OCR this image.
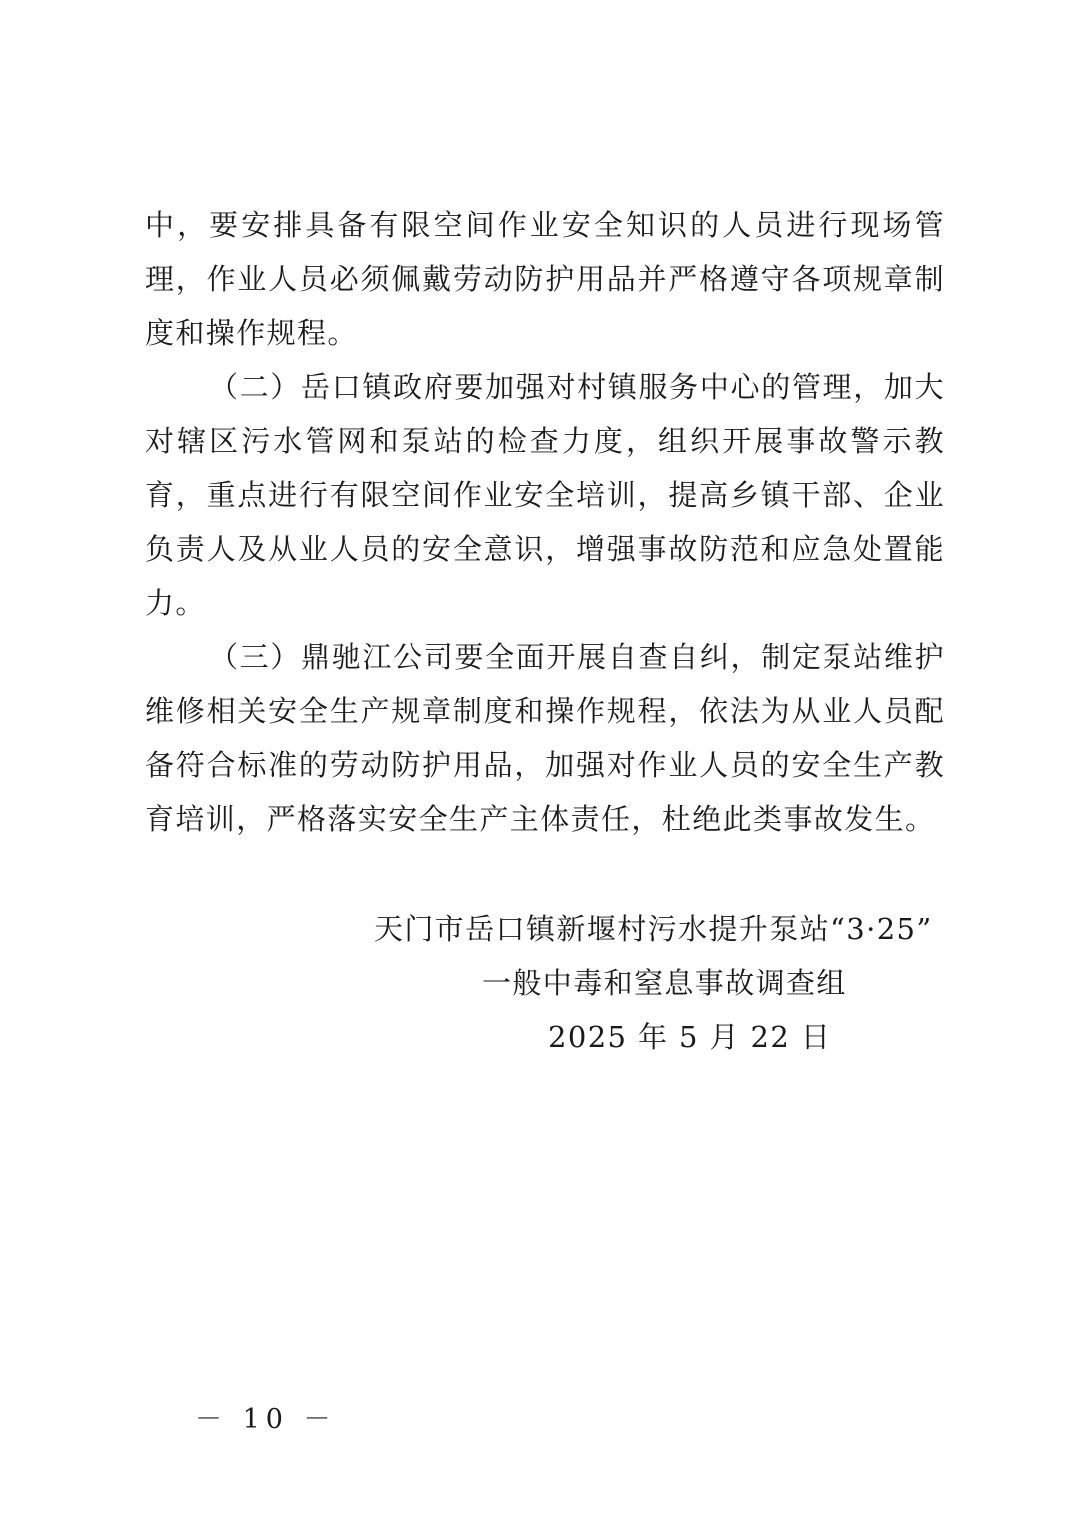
中，要安排具备有限空间作业安全知识的人员进行现场管理，作业人员必须佩戴劳动防护用品并严格遵守各项规章制度和操作规程。

（二）岳口镇政府要加强对村镇服务中心的管理，加大对辖区污水管网和泵站的检查力度，组织开展事故警示教育，重点进行有限空间作业安全培训，提高乡镇干部、企业负责人及从业人员的安全意识，增强事故防范和应急处置能力。

（三）鼎驰江公司要全面开展自查自纠，制定泵站维护维修相关安全生产规章制度和操作规程，依法为从业人员配备符合标准的劳动防护用品，加强对作业人员的安全生产教育培训，严格落实安全生产主体责任，杜绝此类事故发生。

天门市岳口镇新堰村污水提升泵站“3·25”
一般中毒和窒息事故调查组
2025 年 5 月 22 日
－ 10 －
